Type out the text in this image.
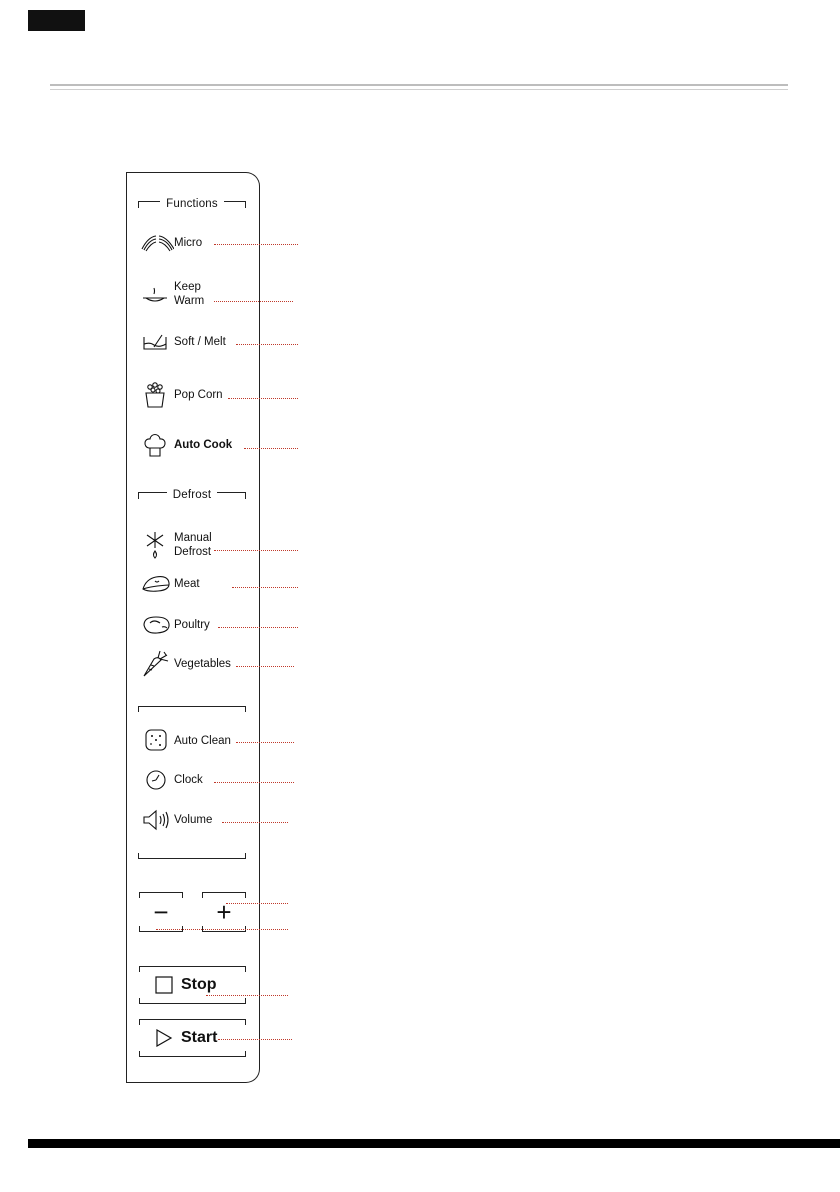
Functions
Micro
Keep
Warm
Soft / Melt
Pop Corn
Auto Cook
Defrost
Manual
Defrost
Meat
Poultry
Vegetables
Auto Clean
Clock
Volume
− +
Stop
Start
